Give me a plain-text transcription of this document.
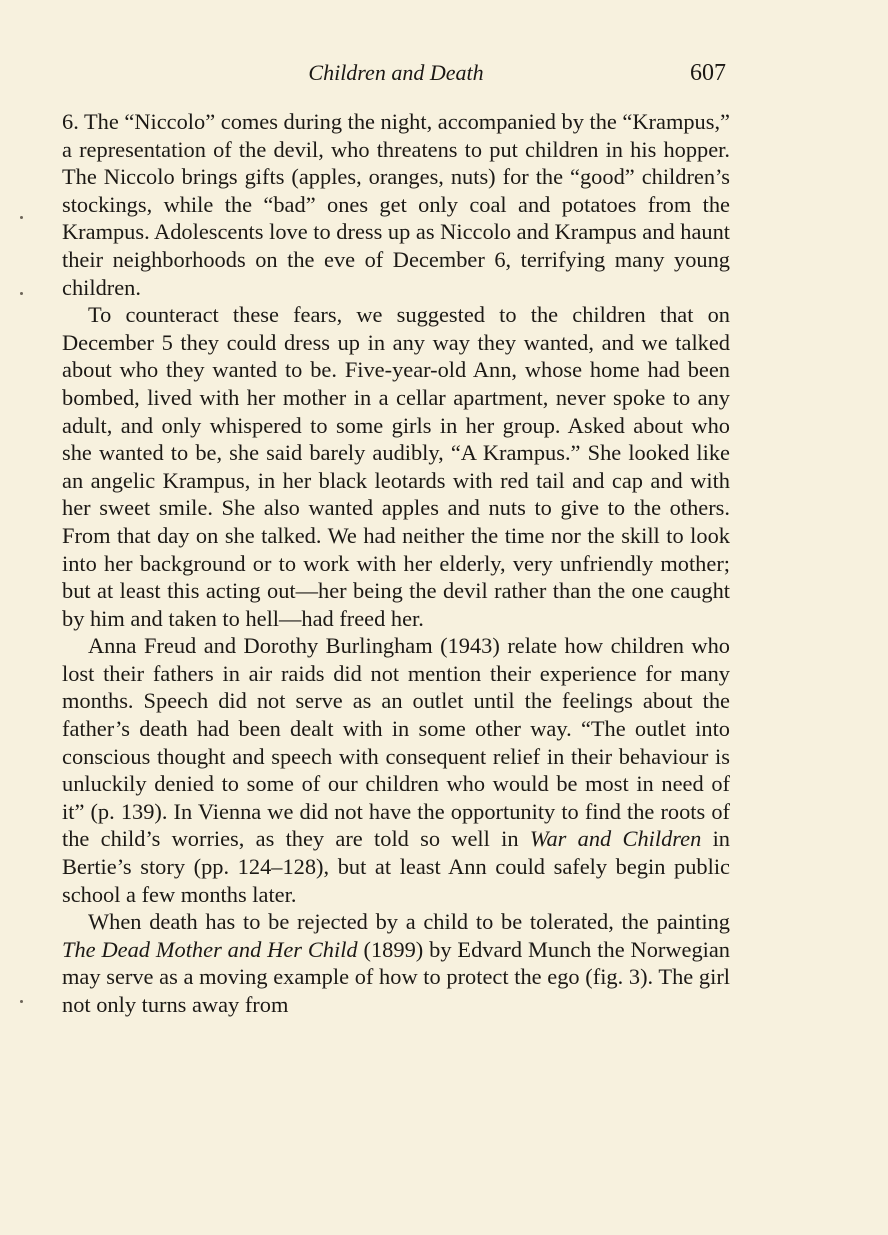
Children and Death	607

6. The “Niccolo” comes during the night, accompanied by the “Krampus,” a representation of the devil, who threatens to put children in his hopper. The Niccolo brings gifts (apples, oranges, nuts) for the “good” children’s stockings, while the “bad” ones get only coal and potatoes from the Krampus. Adolescents love to dress up as Niccolo and Krampus and haunt their neighborhoods on the eve of December 6, terrifying many young children.

To counteract these fears, we suggested to the children that on December 5 they could dress up in any way they wanted, and we talked about who they wanted to be. Five-year-old Ann, whose home had been bombed, lived with her mother in a cellar apartment, never spoke to any adult, and only whispered to some girls in her group. Asked about who she wanted to be, she said barely audibly, “A Krampus.” She looked like an angelic Krampus, in her black leotards with red tail and cap and with her sweet smile. She also wanted apples and nuts to give to the others. From that day on she talked. We had neither the time nor the skill to look into her background or to work with her elderly, very unfriendly mother; but at least this acting out—her being the devil rather than the one caught by him and taken to hell—had freed her.

Anna Freud and Dorothy Burlingham (1943) relate how children who lost their fathers in air raids did not mention their experience for many months. Speech did not serve as an outlet until the feelings about the father’s death had been dealt with in some other way. “The outlet into conscious thought and speech with consequent relief in their behaviour is unluckily denied to some of our children who would be most in need of it” (p. 139). In Vienna we did not have the opportunity to find the roots of the child’s worries, as they are told so well in War and Children in Bertie’s story (pp. 124–128), but at least Ann could safely begin public school a few months later.

When death has to be rejected by a child to be tolerated, the painting The Dead Mother and Her Child (1899) by Edvard Munch the Norwegian may serve as a moving example of how to protect the ego (fig. 3). The girl not only turns away from
